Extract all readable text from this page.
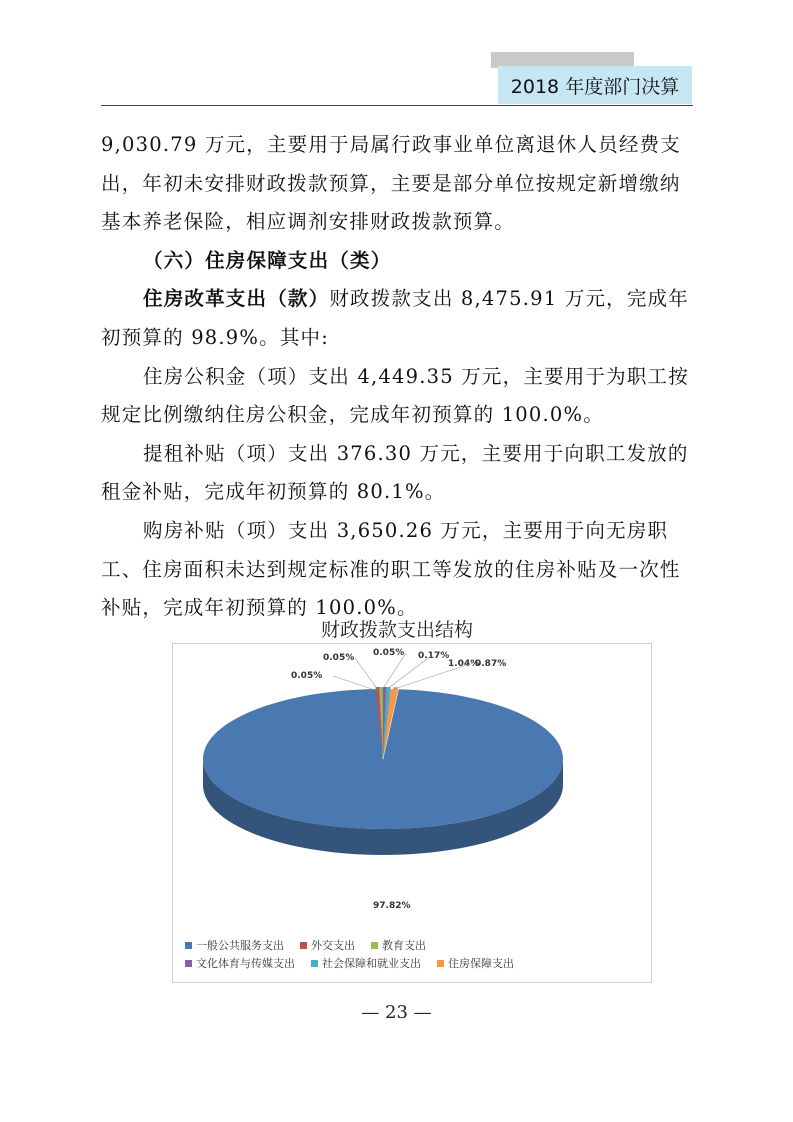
2018 年度部门决算

9,030.79 万元，主要用于局属行政事业单位离退休人员经费支出，年初未安排财政拨款预算，主要是部分单位按规定新增缴纳基本养老保险，相应调剂安排财政拨款预算。

（六）住房保障支出（类）

住房改革支出（款）财政拨款支出 8,475.91 万元，完成年初预算的 98.9%。其中:

住房公积金（项）支出 4,449.35 万元，主要用于为职工按规定比例缴纳住房公积金，完成年初预算的 100.0%。

提租补贴（项）支出 376.30 万元，主要用于向职工发放的租金补贴，完成年初预算的 80.1%。

购房补贴（项）支出 3,650.26 万元，主要用于向无房职工、住房面积未达到规定标准的职工等发放的住房补贴及一次性补贴，完成年初预算的 100.0%。

财政拨款支出结构
97.82%
0.05%
0.05% 0.05% 0.17%
1.04%
0.87%
一般公共服务支出 外交支出 教育支出
文化体育与传媒支出 社会保障和就业支出 住房保障支出
— 23 —
